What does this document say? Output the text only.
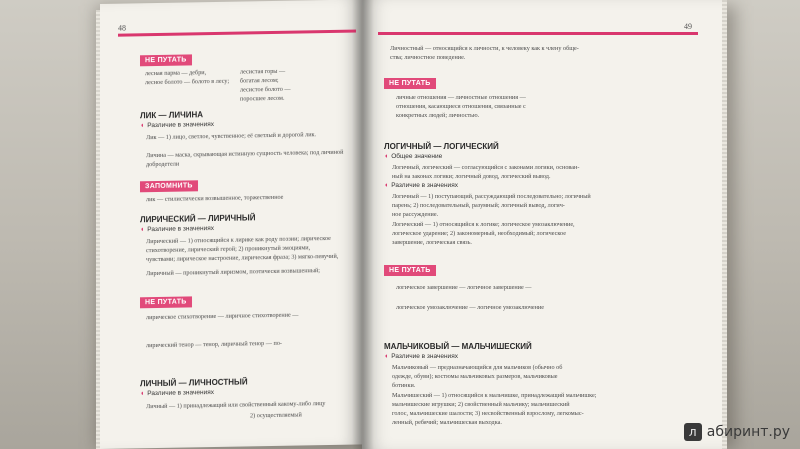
48
НЕ ПУТАТЬ
лесная парма — дебри,
лесное болото — болото в лесу;
лесистая горы —
богатая лесом;
лесистое болото —
поросшее лесом.
ЛИК — ЛИЧИНА
◖ Различие в значениях
Лик — 1) лицо, светлое, чувственное; её светлый и дорогой лик.
Личина — маска, скрывающая истинную сущность человека; под личиной добродетели
ЗАПОМНИТЬ
лик — стилистически возвышенное, торжественное
ЛИРИЧЕСКИЙ — ЛИРИЧНЫЙ
◖ Различие в значениях
Лирический — 1) относящийся к лирике как роду поэзии; лирическое
стихотворение, лирический герой; 2) проникнутый эмоциями,
чувствами; лирическое настроение, лирическая фраза; 3) мягко-певучий,
Лиричный — проникнутый лиризмом, поэтически возвышенный;
НЕ ПУТАТЬ
лирическое стихотворение — лиричное стихотворение —
лирический тенор — тенор, лиричный тенор — по-
ЛИЧНЫЙ — ЛИЧНОСТНЫЙ
◖ Различие в значениях
Личный — 1) принадлежащий или свойственный какому-либо лицу
2) осуществляемый
49
Личностный — относящийся к личности, к человеку как к члену обще-
ства; личностное поведение.
НЕ ПУТАТЬ
личные отношения — личностные отношения —
отношения, касающиеся отношения, связанные с
конкретных людей; личностью.
ЛОГИЧНЫЙ — ЛОГИЧЕСКИЙ
◖ Общее значение
Логичный, логический — согласующийся с законами логики, основан-
ный на законах логики; логичный довод, логический вывод.
◖ Различие в значениях
Логичный — 1) поступающий, рассуждающий последовательно; логичный
парень; 2) последовательный, разумный; логичный вывод, логич-
ное рассуждение.
Логический — 1) относящийся к логике; логическое умозаключение,
логическое ударение; 2) закономерный, необходимый; логическое
завершение, логическая связь.
НЕ ПУТАТЬ
логическое завершение — логичное завершение —
логическое умозаключение — логичное умозаключение
МАЛЬЧИКОВЫЙ — МАЛЬЧИШЕСКИЙ
◖ Различие в значениях
Мальчиковый — предназначающийся для мальчиков (обычно об
одежде, обуви); костюмы мальчиковых размеров, мальчиковые
ботинки.
Мальчишеский — 1) относящийся к мальчишке, принадлежащий мальчишке;
мальчишеские игрушки; 2) свойственный мальчику; мальчишеский
голос, мальчишеские шалости; 3) несвойственный взрослому, легкомыс-
ленный, ребячий; мальчишеская выходка.
л абиринт.ру
